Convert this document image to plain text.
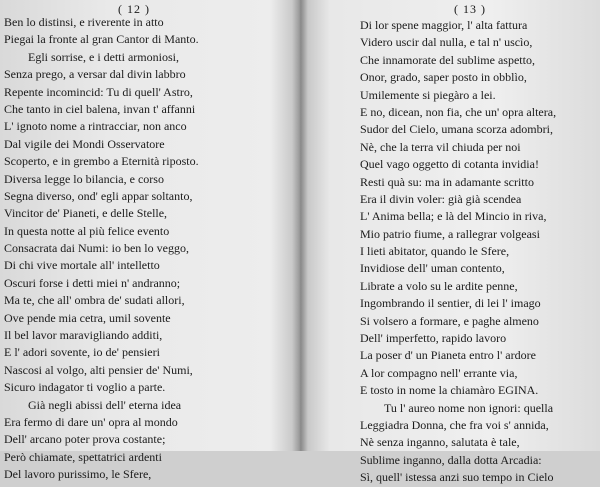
( 12 )
Ben lo distinsi, e riverente in atto
Piegai la fronte al gran Cantor di Manto.
Egli sorrise, e i detti armoniosi,
Senza prego, a versar dal divin labbro
Repente incomincid: Tu di quell' Astro,
Che tanto in ciel balena, invan t' affanni
L' ignoto nome a rintracciar, non anco
Dal vigile dei Mondi Osservatore
Scoperto, e in grembo a Eternità riposto.
Diversa legge lo bilancia, e corso
Segna diverso, ond' egli appar soltanto,
Vincitor de' Pianeti, e delle Stelle,
In questa notte al più felice evento
Consacrata dai Numi: io ben lo veggo,
Di chi vive mortale all' intelletto
Oscuri forse i detti miei n' andranno;
Ma te, che all' ombra de' sudati allori,
Ove pende mia cetra, umil sovente
Il bel lavor maravigliando additi,
E l' adori sovente, io de' pensieri
Nascosi al volgo, alti pensier de' Numi,
Sicuro indagator ti voglio a parte.
Già negli abissi dell' eterna idea
Era fermo di dare un' opra al mondo
Dell' arcano poter prova costante;
Però chiamate, spettatrici ardenti
Del lavoro purissimo, le Sfere,
( 13 )
Di lor spene maggior, l' alta fattura
Videro uscir dal nulla, e tal n' uscìo,
Che innamorate del sublime aspetto,
Onor, grado, saper posto in obblìo,
Umilemente si piegàro a lei.
E no, dicean, non fia, che un' opra altera,
Sudor del Cielo, umana scorza adombri,
Nè, che la terra vil chiuda per noi
Quel vago oggetto di cotanta invidia!
Resti quà su: ma in adamante scritto
Era il divin voler: già già scendea
L' Anima bella; e là del Mincio in riva,
Mio patrio fiume, a rallegrar volgeasi
I lieti abitator, quando le Sfere,
Invidiose dell' uman contento,
Librate a volo su le ardite penne,
Ingombrando il sentier, di lei l' imago
Si volsero a formare, e paghe almeno
Dell' imperfetto, rapido lavoro
La poser d' un Pianeta entro l' ardore
A lor compagno nell' errante via,
E tosto in nome la chiamàro EGINA.
Tu l' aureo nome non ignori: quella
Leggiadra Donna, che fra voi s' annida,
Nè senza inganno, salutata è tale,
Sublime inganno, dalla dotta Arcadia:
Sì, quell' istessa anzi suo tempo in Cielo
